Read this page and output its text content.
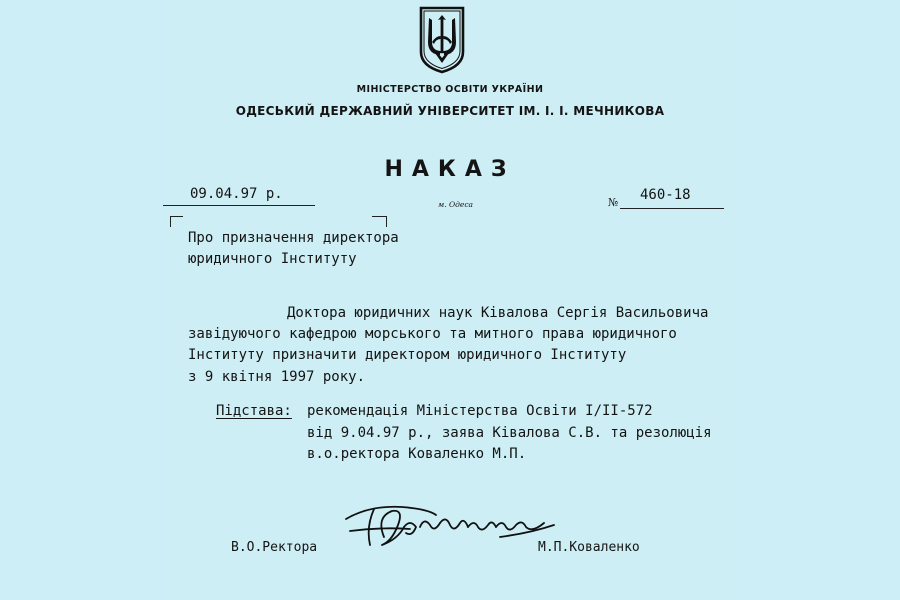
МІНІСТЕРСТВО ОСВІТИ УКРАЇНИ
ОДЕСЬКИЙ ДЕРЖАВНИЙ УНІВЕРСИТЕТ ІМ. І. І. МЕЧНИКОВА
НАКАЗ
09.04.97 р.
м. Одеса	№ 460-18
Про призначення директора
юридичного Інституту
Доктора юридичних наук Ківалова Сергія Васильовича
завідуючого кафедрою морського та митного права юридичного
Інституту призначити директором юридичного Інституту
з 9 квітня 1997 року.
Підстава: рекомендація Міністерства Освіти І/ІІ-572
від 9.04.97 р., заява Ківалова С.В. та резолюція
в.о.ректора Коваленко М.П.
В.О.Ректора	М.П.Коваленко
